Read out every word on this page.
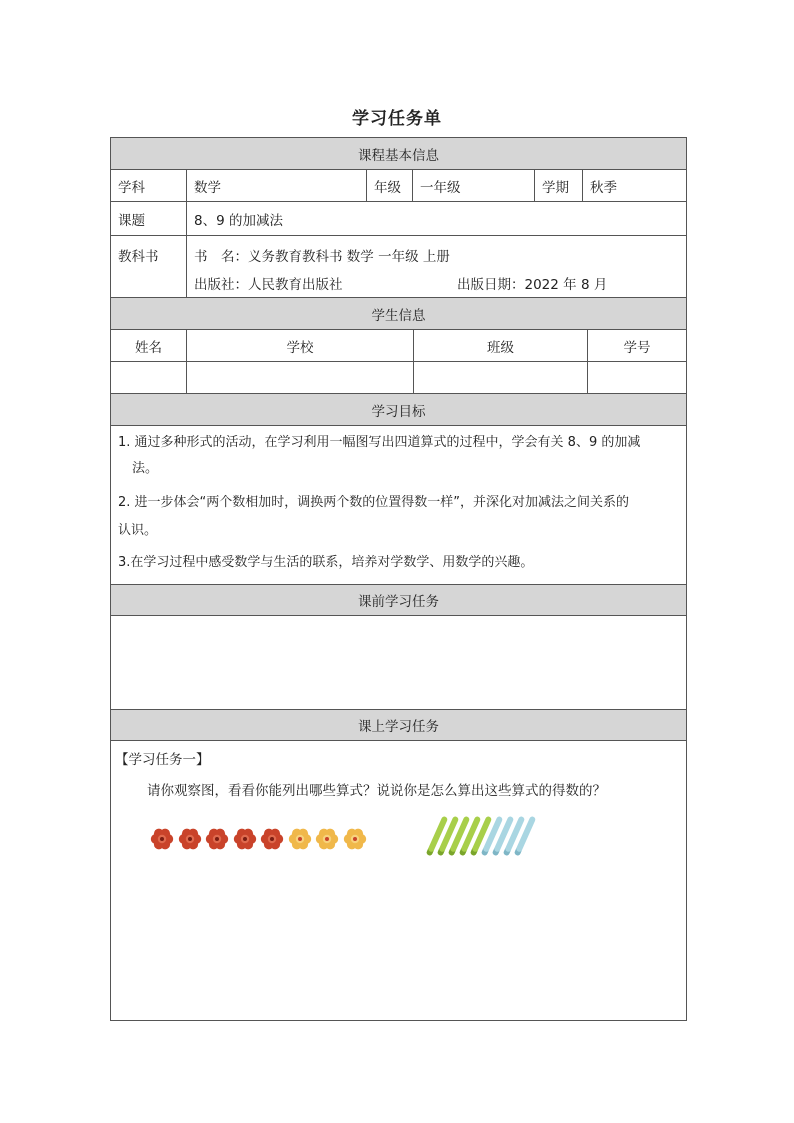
学习任务单
课程基本信息
学科	数学	年级	一年级	学期	秋季
课题	8、9 的加减法
教科书	书　名：义务教育教科书 数学 一年级 上册
出版社：人民教育出版社	出版日期：2022 年 8 月
学生信息
姓名	学校	班级	学号
学习目标
1. 通过多种形式的活动，在学习利用一幅图写出四道算式的过程中，学会有关 8、9 的加减
法。
2. 进一步体会“两个数相加时，调换两个数的位置得数一样”，并深化对加减法之间关系的
认识。
3.在学习过程中感受数学与生活的联系，培养对学数学、用数学的兴趣。
课前学习任务
课上学习任务
【学习任务一】
请你观察图，看看你能列出哪些算式？说说你是怎么算出这些算式的得数的？
